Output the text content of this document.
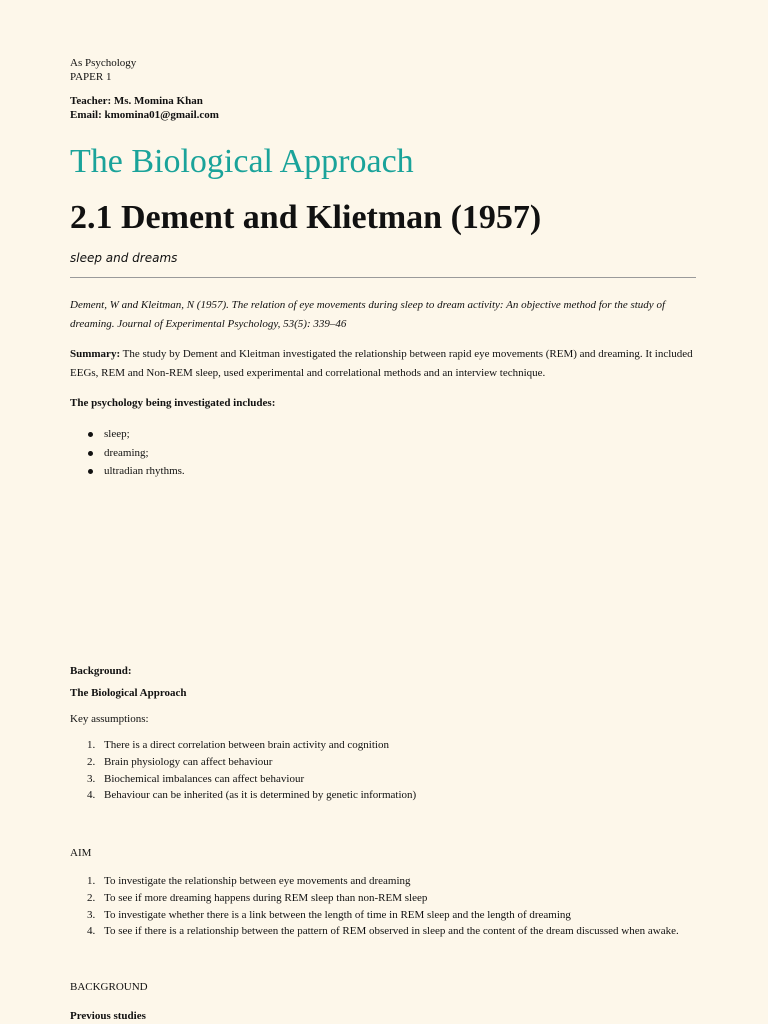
As Psychology
PAPER 1
Teacher: Ms. Momina Khan
Email: kmomina01@gmail.com
The Biological Approach
2.1 Dement and Klietman (1957)
sleep and dreams
Dement, W and Kleitman, N (1957). The relation of eye movements during sleep to dream activity: An objective method for the study of dreaming. Journal of Experimental Psychology, 53(5): 339–46
Summary: The study by Dement and Kleitman investigated the relationship between rapid eye movements (REM) and dreaming. It included EEGs, REM and Non-REM sleep, used experimental and correlational methods and an interview technique.
The psychology being investigated includes:
sleep;
dreaming;
ultradian rhythms.
Background:
The Biological Approach
Key assumptions:
1. There is a direct correlation between brain activity and cognition
2. Brain physiology can affect behaviour
3. Biochemical imbalances can affect behaviour
4. Behaviour can be inherited (as it is determined by genetic information)
AIM
1. To investigate the relationship between eye movements and dreaming
2. To see if more dreaming happens during REM sleep than non-REM sleep
3. To investigate whether there is a link between the length of time in REM sleep and the length of dreaming
4. To see if there is a relationship between the pattern of REM observed in sleep and the content of the dream discussed when awake.
BACKGROUND
Previous studies
